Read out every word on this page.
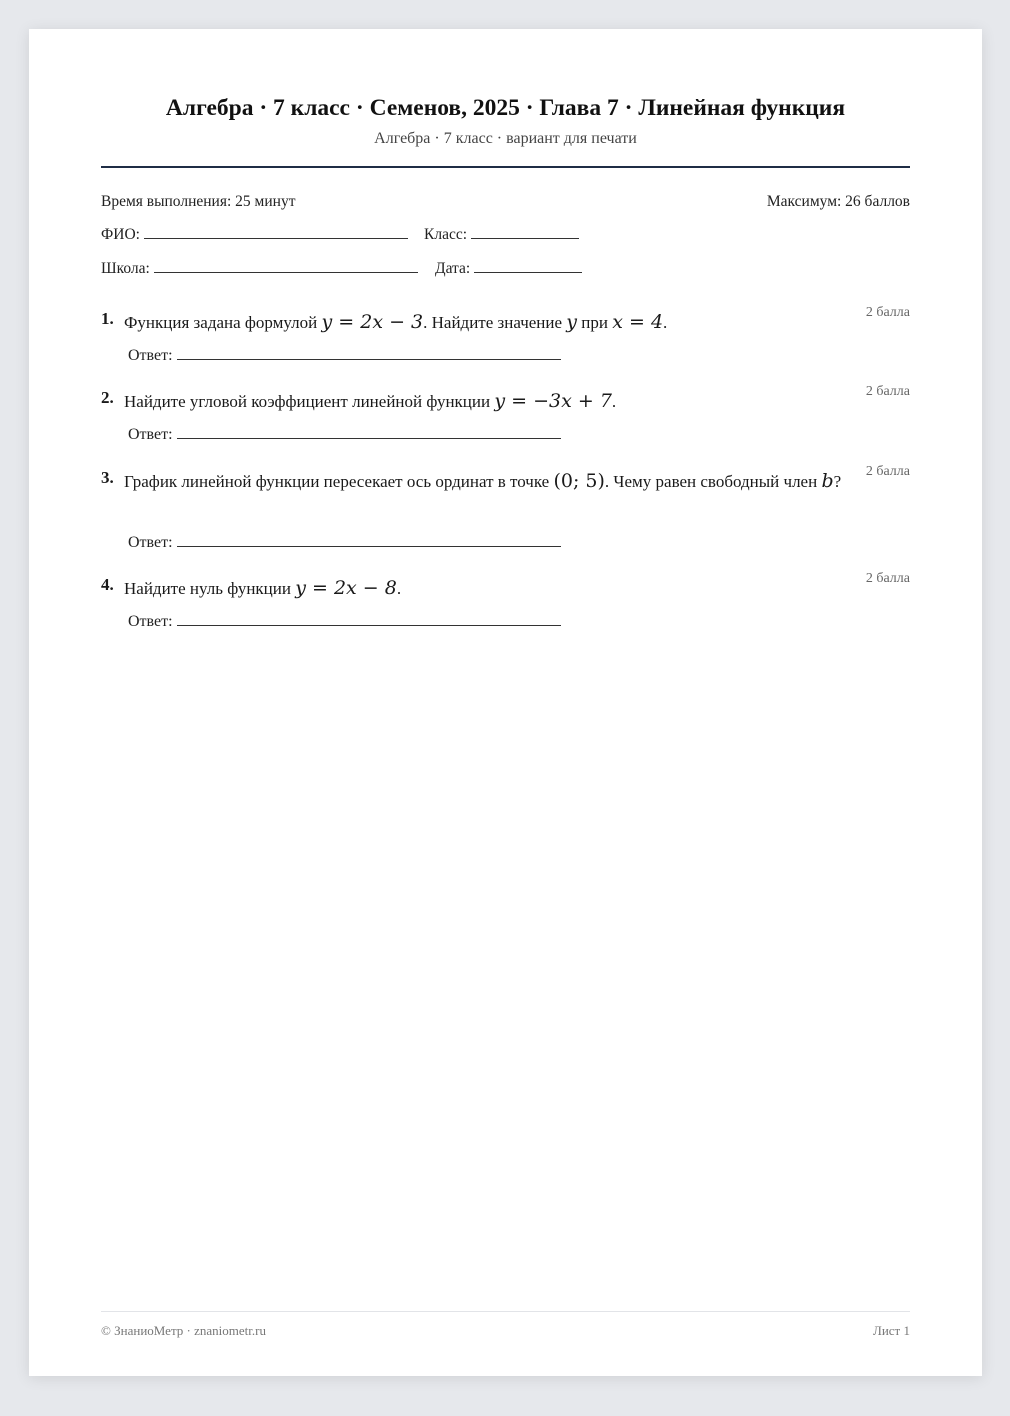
Алгебра · 7 класс · Семенов, 2025 · Глава 7 · Линейная функция
Алгебра · 7 класс · вариант для печати
Время выполнения: 25 минут	Максимум: 26 баллов
ФИО:	Класс:
Школа:	Дата:
1. Функция задана формулой y = 2x − 3. Найдите значение y при x = 4.
2 балла
Ответ:
2. Найдите угловой коэффициент линейной функции y = −3x + 7.
2 балла
Ответ:
3. График линейной функции пересекает ось ординат в точке (0; 5). Чему равен свободный член b?
2 балла
Ответ:
4. Найдите нуль функции y = 2x − 8.
2 балла
Ответ:
© ЗнаниоМетр · znaniometr.ru	Лист 1
